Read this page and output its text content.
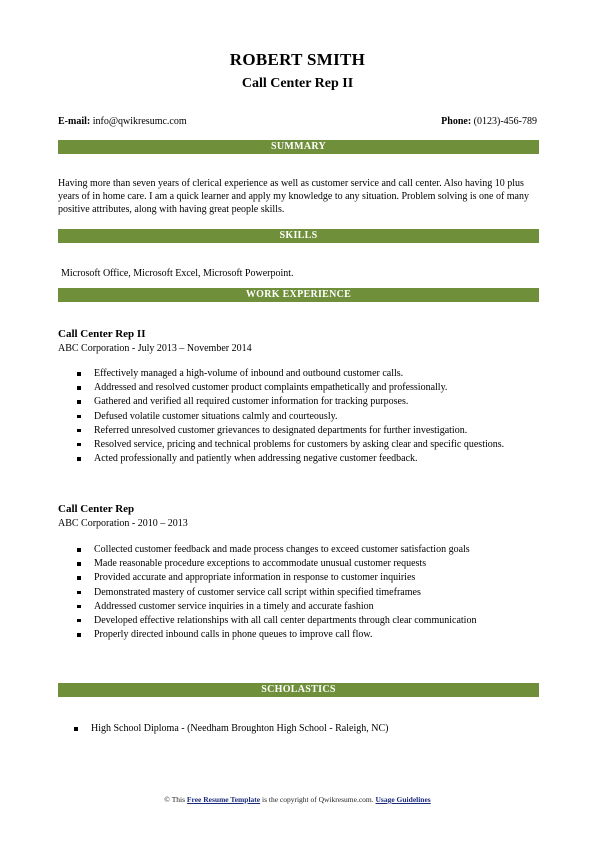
ROBERT SMITH
Call Center Rep II
E-mail: info@qwikresumc.com	Phone: (0123)-456-789
SUMMARY
Having more than seven years of clerical experience as well as customer service and call center. Also having 10 plus years of in home care. I am a quick learner and apply my knowledge to any situation. Problem solving is one of many positive attributes, along with having great people skills.
SKILLS
Microsoft Office, Microsoft Excel, Microsoft Powerpoint.
WORK EXPERIENCE
Call Center Rep II
ABC Corporation - July 2013 – November 2014
Effectively managed a high-volume of inbound and outbound customer calls.
Addressed and resolved customer product complaints empathetically and professionally.
Gathered and verified all required customer information for tracking purposes.
Defused volatile customer situations calmly and courteously.
Referred unresolved customer grievances to designated departments for further investigation.
Resolved service, pricing and technical problems for customers by asking clear and specific questions.
Acted professionally and patiently when addressing negative customer feedback.
Call Center Rep
ABC Corporation - 2010 – 2013
Collected customer feedback and made process changes to exceed customer satisfaction goals
Made reasonable procedure exceptions to accommodate unusual customer requests
Provided accurate and appropriate information in response to customer inquiries
Demonstrated mastery of customer service call script within specified timeframes
Addressed customer service inquiries in a timely and accurate fashion
Developed effective relationships with all call center departments through clear communication
Properly directed inbound calls in phone queues to improve call flow.
SCHOLASTICS
High School Diploma - (Needham Broughton High School - Raleigh, NC)
© This Free Resume Template is the copyright of Qwikresume.com. Usage Guidelines
